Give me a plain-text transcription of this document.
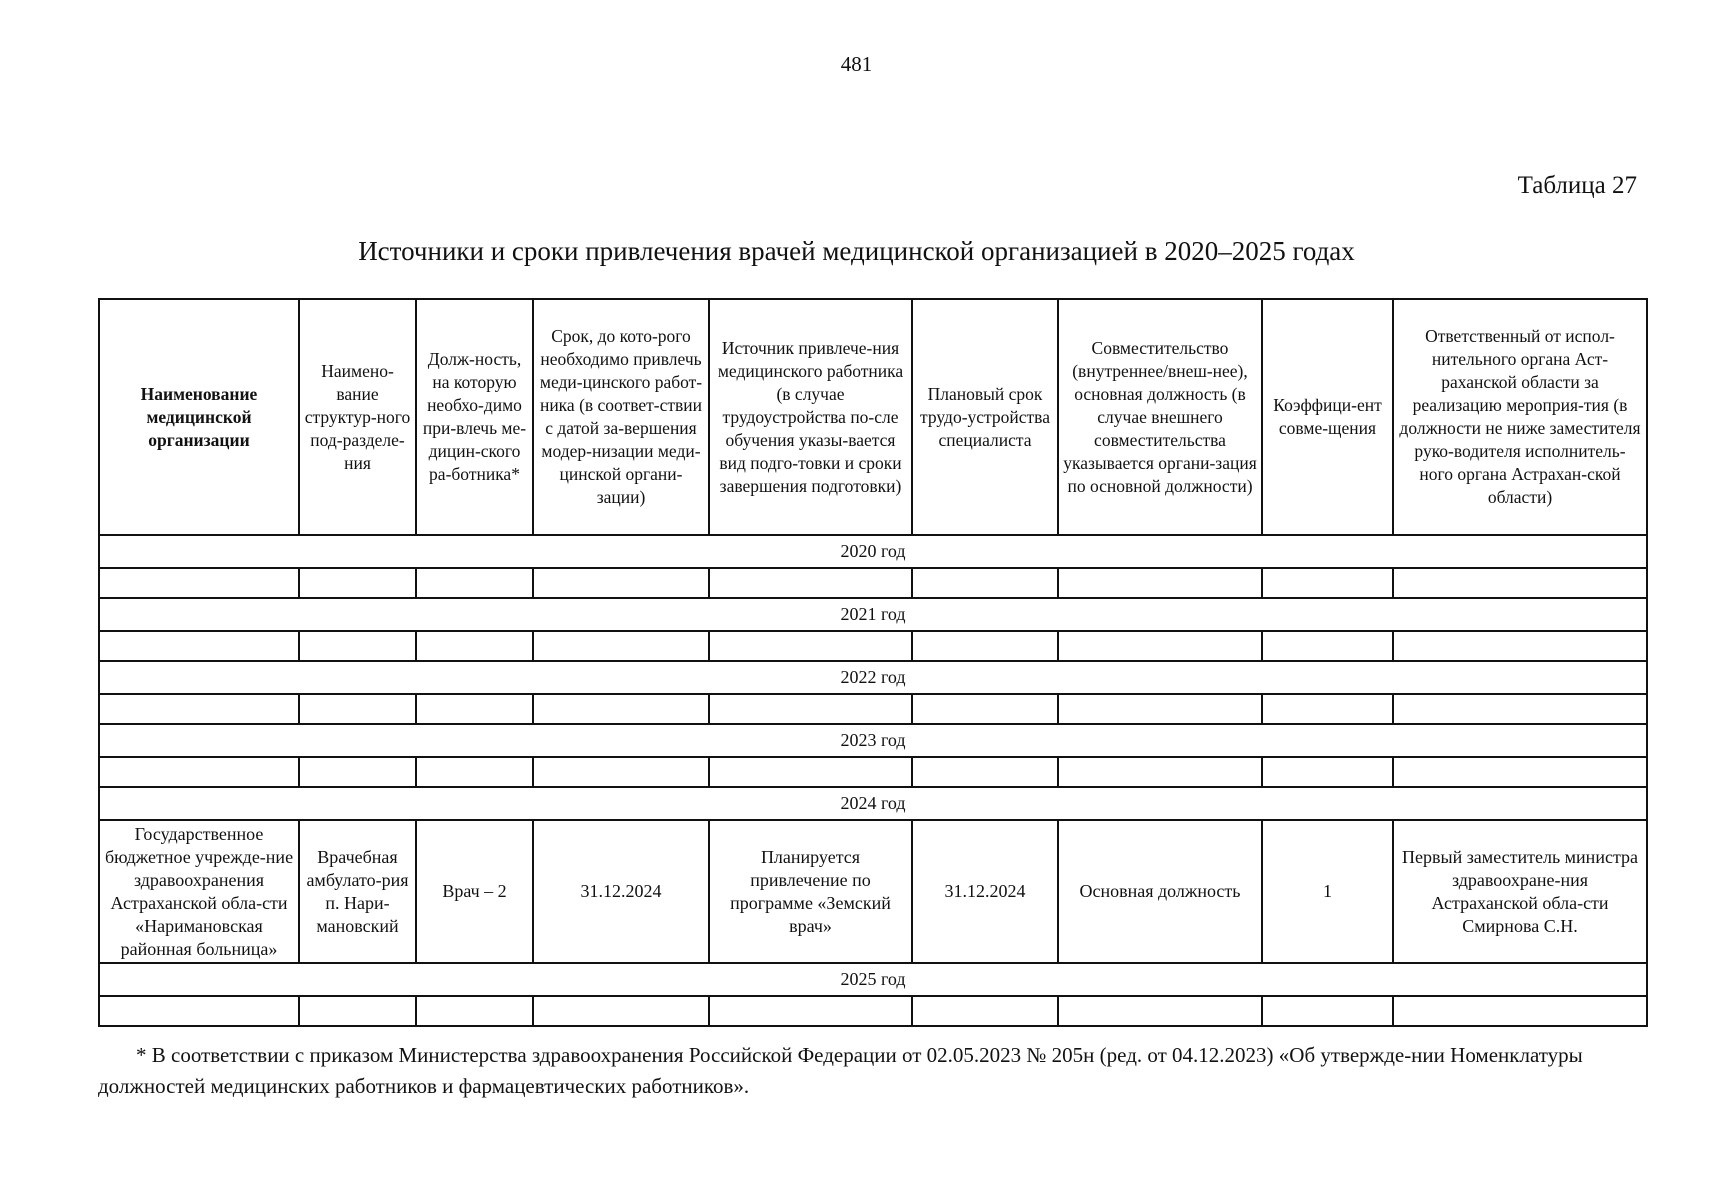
481
Таблица 27
Источники и сроки привлечения врачей медицинской организацией в 2020–2025 годах
Наименование медицинской организации	Наимено-вание структур-ного под-разделе-ния	Долж-ность, на которую необхо-димо при-влечь ме-дицин-ского ра-ботника*	Срок, до кото-рого необходимо привлечь меди-цинского работ-ника (в соответ-ствии с датой за-вершения модер-низации меди-цинской органи-зации)	Источник привлече-ния медицинского работника (в случае трудоустройства по-сле обучения указы-вается вид подго-товки и сроки завершения подготовки)	Плановый срок трудо-устройства специалиста	Совместительство (внутреннее/внеш-нее), основная должность (в случае внешнего совместительства указывается органи-зация по основной должности)	Коэффици-ент совме-щения	Ответственный от испол-нительного органа Аст-раханской области за реализацию мероприя-тия (в должности не ниже заместителя руко-водителя исполнитель-ного органа Астрахан-ской области)
2020 год								

2021 год								

2022 год								

2023 год								

2024 год								
Государственное бюджетное учрежде-ние здравоохранения Астраханской обла-сти «Наримановская районная больница»	Врачебная амбулато-рия п. Нари-мановский	Врач – 2	31.12.2024	Планируется привлечение по программе «Земский врач»	31.12.2024	Основная должность	1	Первый заместитель министра здравоохране-ния Астраханской обла-сти Смирнова С.Н.
2025 год								

* В соответствии с приказом Министерства здравоохранения Российской Федерации от 02.05.2023 № 205н (ред. от 04.12.2023) «Об утвержде-нии Номенклатуры должностей медицинских работников и фармацевтических работников».
